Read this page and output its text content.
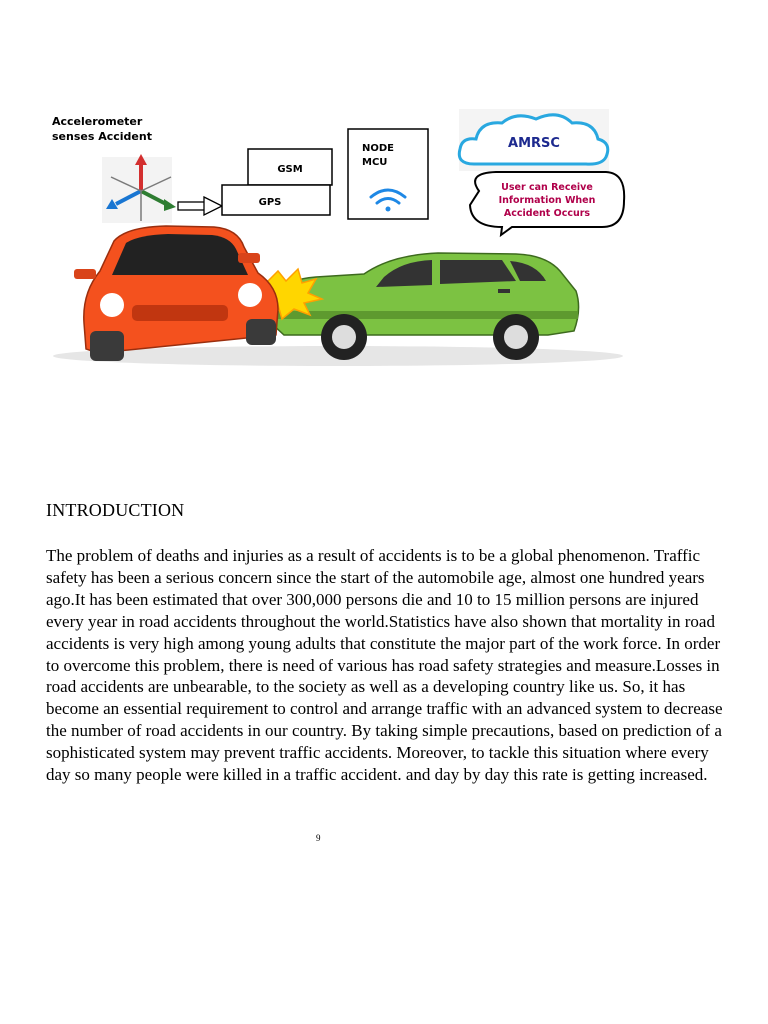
Accelerometer
senses Accident
GSM
GPS
NODE
MCU
AMRSC
User can Receive
Information When
Accident Occurs
INTRODUCTION
The problem of deaths and injuries as a result of accidents is to be a global phenomenon. Traffic safety has been a serious concern since the start of the automobile age, almost one hundred years ago.It has been estimated that over 300,000 persons die and 10 to 15 million persons are injured every year in road accidents throughout the world.Statistics have also shown that mortality in road accidents is very high among young adults that constitute the major part of the work force. In order to overcome this problem, there is need of various has road safety strategies and measure.Losses in road accidents are unbearable, to the society as well as a developing country like us. So, it has become an essential requirement to control and arrange traffic with an advanced system to decrease the number of road accidents in our country. By taking simple precautions, based on prediction of a sophisticated system may prevent traffic accidents. Moreover, to tackle this situation where every day so many people were killed in a traffic accident. and day by day this rate is getting increased.
9
